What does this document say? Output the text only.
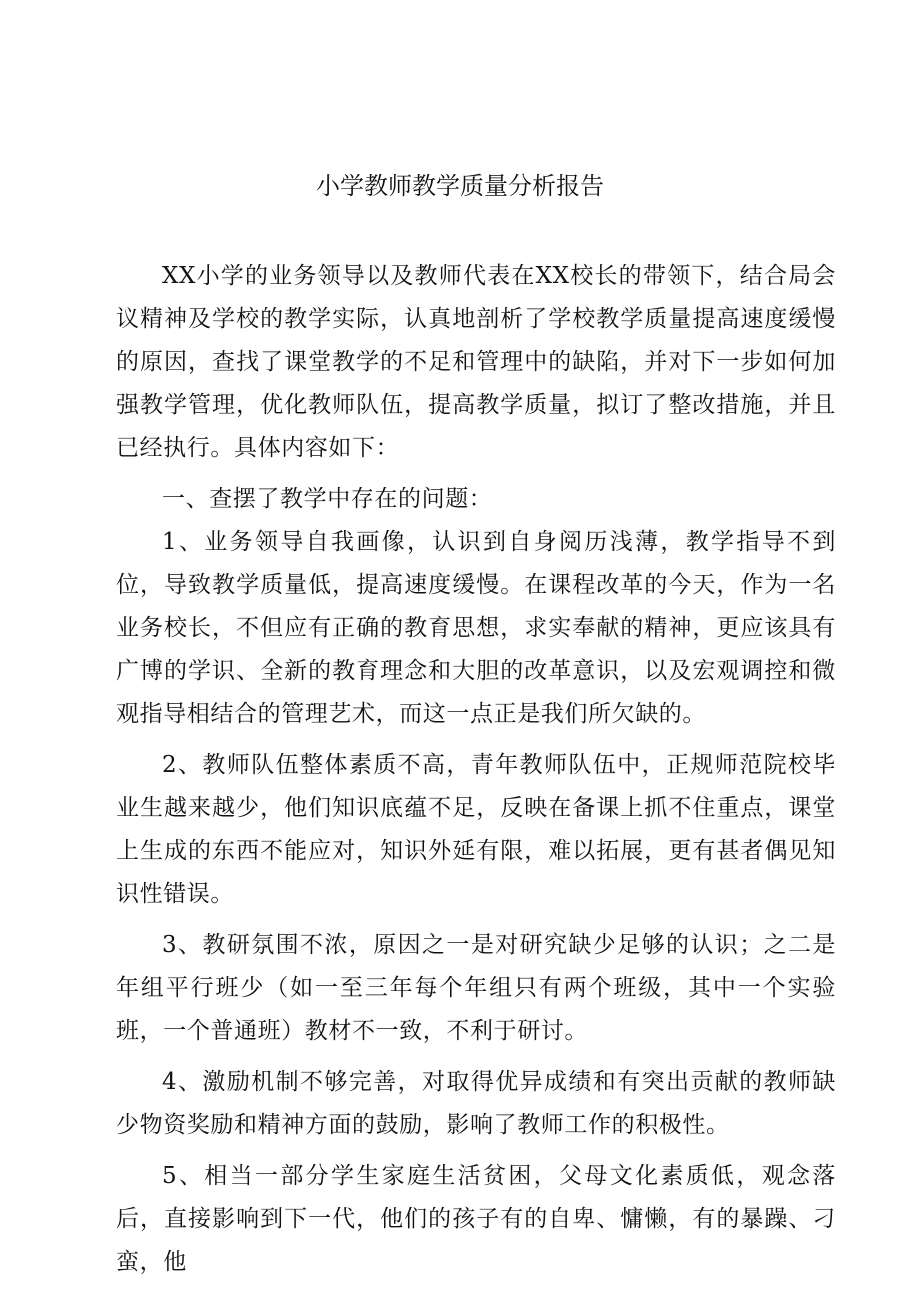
小学教师教学质量分析报告

XX小学的业务领导以及教师代表在XX校长的带领下，结合局会议精神及学校的教学实际，认真地剖析了学校教学质量提高速度缓慢的原因，查找了课堂教学的不足和管理中的缺陷，并对下一步如何加强教学管理，优化教师队伍，提高教学质量，拟订了整改措施，并且已经执行。具体内容如下：

一、查摆了教学中存在的问题：

1、业务领导自我画像，认识到自身阅历浅薄，教学指导不到位，导致教学质量低，提高速度缓慢。在课程改革的今天，作为一名业务校长，不但应有正确的教育思想，求实奉献的精神，更应该具有广博的学识、全新的教育理念和大胆的改革意识，以及宏观调控和微观指导相结合的管理艺术，而这一点正是我们所欠缺的。

2、教师队伍整体素质不高，青年教师队伍中，正规师范院校毕业生越来越少，他们知识底蕴不足，反映在备课上抓不住重点，课堂上生成的东西不能应对，知识外延有限，难以拓展，更有甚者偶见知识性错误。

3、教研氛围不浓，原因之一是对研究缺少足够的认识；之二是年组平行班少（如一至三年每个年组只有两个班级，其中一个实验班，一个普通班）教材不一致，不利于研讨。

4、激励机制不够完善，对取得优异成绩和有突出贡献的教师缺少物资奖励和精神方面的鼓励，影响了教师工作的积极性。

5、相当一部分学生家庭生活贫困，父母文化素质低，观念落后，直接影响到下一代，他们的孩子有的自卑、慵懒，有的暴躁、刁蛮，他
